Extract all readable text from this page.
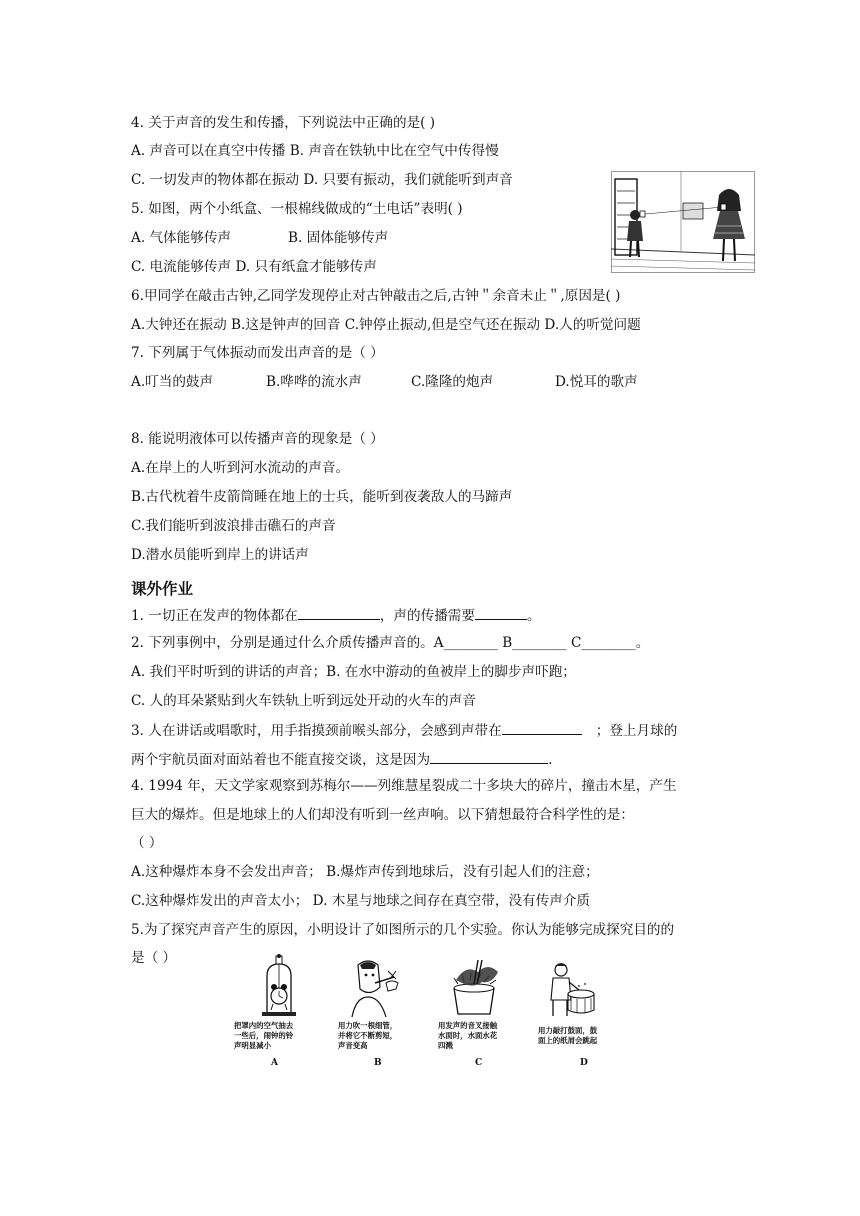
4. 关于声音的发生和传播，下列说法中正确的是( )
A. 声音可以在真空中传播 B. 声音在铁轨中比在空气中传得慢
C. 一切发声的物体都在振动 D. 只要有振动，我们就能听到声音
5. 如图，两个小纸盒、一根棉线做成的“土电话”表明( )
A. 气体能够传声	B. 固体能够传声
C. 电流能够传声 D. 只有纸盒才能够传声
6.甲同学在敲击古钟,乙同学发现停止对古钟敲击之后,古钟＂余音未止＂,原因是( )
A.大钟还在振动 B.这是钟声的回音 C.钟停止振动,但是空气还在振动 D.人的听觉问题
7. 下列属于气体振动而发出声音的是（ ）
A.叮当的鼓声	B.哗哗的流水声	C.隆隆的炮声	D.悦耳的歌声
8. 能说明液体可以传播声音的现象是（ ）
A.在岸上的人听到河水流动的声音。
B.古代枕着牛皮箭筒睡在地上的士兵，能听到夜袭敌人的马蹄声
C.我们能听到波浪排击礁石的声音
D.潜水员能听到岸上的讲话声
课外作业
1. 一切正在发声的物体都在	，声的传播需要	。
2. 下列事例中，分别是通过什么介质传播声音的。A________ B________ C________。
A. 我们平时听到的讲话的声音；B. 在水中游动的鱼被岸上的脚步声吓跑；
C. 人的耳朵紧贴到火车铁轨上听到远处开动的火车的声音
3. 人在讲话或唱歌时，用手指摸颈前喉头部分，会感到声带在	；登上月球的
两个宇航员面对面站着也不能直接交谈，这是因为	.
4. 1994 年，天文学家观察到苏梅尔——列维慧星裂成二十多块大的碎片，撞击木星，产生
巨大的爆炸。但是地球上的人们却没有听到一丝声响。以下猜想最符合科学性的是：
（ ）
A.这种爆炸本身不会发出声音； B.爆炸声传到地球后，没有引起人们的注意；
C.这种爆炸发出的声音太小； D. 木星与地球之间存在真空带，没有传声介质
5.为了探究声音产生的原因，小明设计了如图所示的几个实验。你认为能够完成探究目的的
是（ ）
把罩内的空气抽去
一些后，闹钟的铃
声明显减小
A
用力吹一根细管，
并将它不断剪短，
声音变高
B
用发声的音叉接触
水面时，水面水花
四溅
C
用力敲打鼓面，鼓
面上的纸屑会跳起
D
